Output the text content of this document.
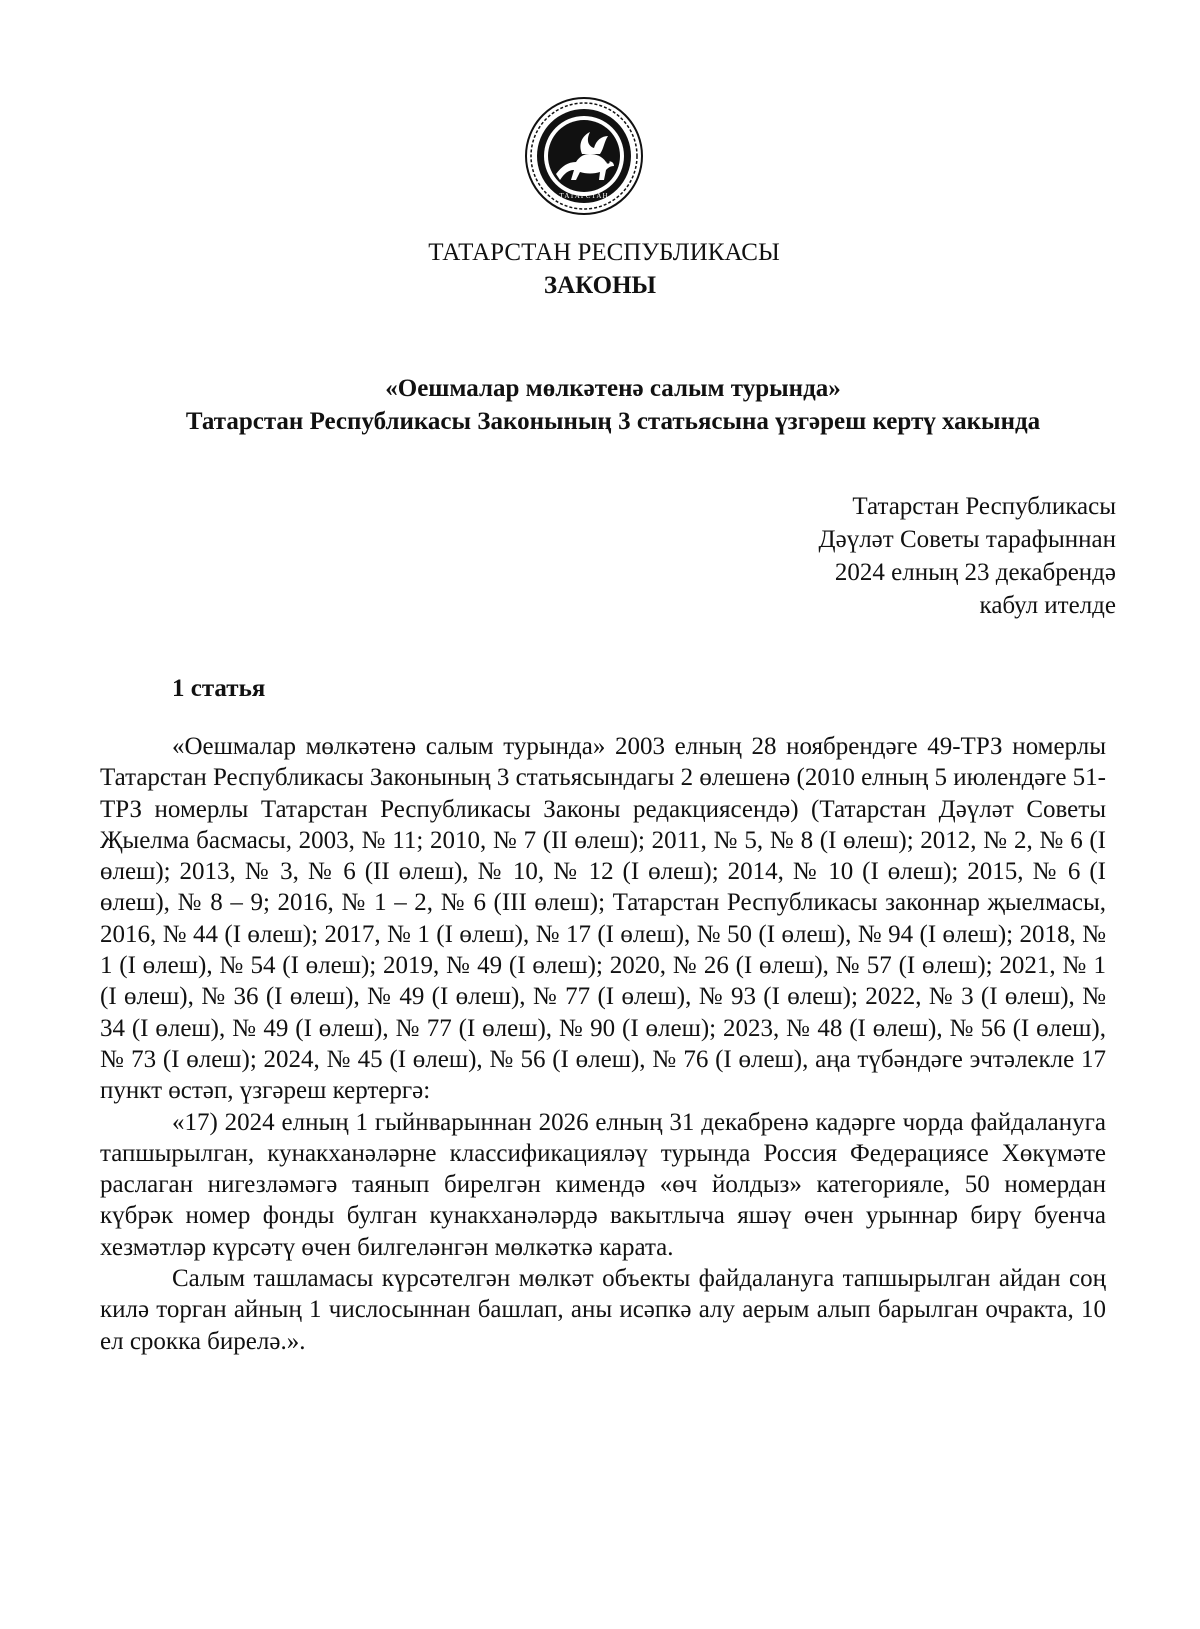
ТАТАРСТАН
ТАТАРСТАН РЕСПУБЛИКАСЫ
ЗАКОНЫ
«Оешмалар мөлкәтенә салым турында»
Татарстан Республикасы Законының 3 статьясына үзгәреш кертү хакында
Татарстан Республикасы
Дәүләт Советы тарафыннан
2024 елның 23 декабрендә
кабул ителде
1 статья

«Оешмалар мөлкәтенә салым турында» 2003 елның 28 ноябрендәге 49-ТРЗ номерлы Татарстан Республикасы Законының 3 статьясындагы 2 өлешенә (2010 елның 5 июлендәге 51-ТРЗ номерлы Татарстан Республикасы Законы редакциясендә) (Татарстан Дәүләт Советы Җыелма басмасы, 2003, № 11; 2010, № 7 (II өлеш); 2011, № 5, № 8 (I өлеш); 2012, № 2, № 6 (I өлеш); 2013, № 3, № 6 (II өлеш), № 10, № 12 (I өлеш); 2014, № 10 (I өлеш); 2015, № 6 (I өлеш), № 8 – 9; 2016, № 1 – 2, № 6 (III өлеш); Татарстан Республикасы законнар җыелмасы, 2016, № 44 (I өлеш); 2017, № 1 (I өлеш), № 17 (I өлеш), № 50 (I өлеш), № 94 (I өлеш); 2018, № 1 (I өлеш), № 54 (I өлеш); 2019, № 49 (I өлеш); 2020, № 26 (I өлеш), № 57 (I өлеш); 2021, № 1 (I өлеш), № 36 (I өлеш), № 49 (I өлеш), № 77 (I өлеш), № 93 (I өлеш); 2022, № 3 (I өлеш), № 34 (I өлеш), № 49 (I өлеш), № 77 (I өлеш), № 90 (I өлеш); 2023, № 48 (I өлеш), № 56 (I өлеш), № 73 (I өлеш); 2024, № 45 (I өлеш), № 56 (I өлеш), № 76 (I өлеш), аңа түбәндәге эчтәлекле 17 пункт өстәп, үзгәреш кертергә:

«17) 2024 елның 1 гыйнварыннан 2026 елның 31 декабренә кадәрге чорда файдалануга тапшырылган, кунакханәләрне классификацияләү турында Россия Федерациясе Хөкүмәте раслаган нигезләмәгә таянып бирелгән кимендә «өч йолдыз» категорияле, 50 номердан күбрәк номер фонды булган кунакханәләрдә вакытлыча яшәү өчен урыннар бирү буенча хезмәтләр күрсәтү өчен билгеләнгән мөлкәткә карата.

Салым ташламасы күрсәтелгән мөлкәт объекты файдалануга тапшырылган айдан соң килә торган айның 1 числосыннан башлап, аны исәпкә алу аерым алып барылган очракта, 10 ел срокка бирелә.».
